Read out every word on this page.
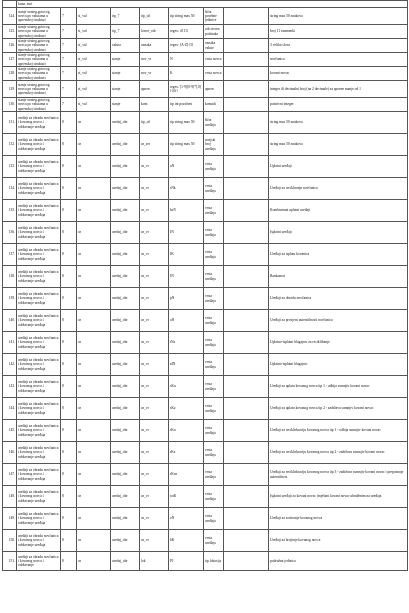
	kuna, euri								
124.	stanje strateg.gotovog novca po valutama u apoenskoj strukturi	7	st_val	tip_7	tip_stf	tip string max 50	šifra posebne jedinice		string max 50 znakova
125.	stanje strateg.gotovog novca po valutama u apoenskoj strukturi	7	st_val	tip_7	lower_oib	regex: d{11}	oib izvora podataka		broj 11 znamenki
126.	stanje strateg.gotovog novca po valutama u apoenskoj strukturi	7	st_val	valuta	oznaka	regex: [A-Z]{3}	oznaka valute		3 velika slova
127.	stanje strateg.gotovog novca po valutama u apoenskoj strukturi	7	st_val	stanje	nov_vr	N	vrsta novca		novčanica
128.	stanje strateg.gotovog novca po valutama u apoenskoj strukturi	7	st_val	stanje	nov_vr	K	vrsta novca		kovani novac
129.	stanje strateg.gotovog novca po valutama u apoenskoj strukturi	7	st_val	stanje	apoen	regex: [1-9][0-9]*[,0]{0,6}	apoen		integer ili decimalni broj (na 2 decimale) za apoene manje od 1
130.	stanje strateg.gotovog novca po valutama u apoenskoj strukturi	7	st_val	stanje	kom	tip int pozitivni	komadi		pozitivni integer
131.	uređaji za obradu novčanica i kovanog novca i održavanje uređaja	8	ur	uredaj_obr	tip_stf	tip string max 50	šifra uređaja		string max 50 znakova
132.	uređaji za obradu novčanica i kovanog novca i održavanje uređaja	8	ur	uredaj_obr	ur_ser	tip string max 50	serijski broj uređaja		string max 50 znakova
133.	uređaji za obradu novčanica i kovanog novca i održavanje uređaja	8	ur	uredaj_obr	ur_vr	aN	vrsta uređaja		Uplatni uređaji
134.	uređaji za obradu novčanica i kovanog novca i održavanje uređaja	8	ur	uredaj_obr	ur_vr	rNk	vrsta uređaja		Uređaji za recikliranje novčanica
135.	uređaji za obradu novčanica i kovanog novca i održavanje uređaja	8	ur	uredaj_obr	ur_vr	bsN	vrsta uređaja		Kombinirani uplatni uređaji
136.	uređaji za obradu novčanica i kovanog novca i održavanje uređaja	8	ur	uredaj_obr	ur_vr	IN	vrsta uređaja		Isplatni uređaji
137.	uređaji za obradu novčanica i kovanog novca i održavanje uređaja	8	ur	uredaj_obr	ur_vr	IK	vrsta uređaja		Uređaji za isplatu kovanica
138.	uređaji za obradu novčanica i kovanog novca i održavanje uređaja	8	ur	uredaj_obr	ur_vr	IN	vrsta uređaja		Bankomat
139.	uređaji za obradu novčanica i kovanog novca i održavanje uređaja	8	ur	uredaj_obr	ur_vr	pN	vrsta uređaja		Uređaji za obradu novčanica
140.	uređaji za obradu novčanica i kovanog novca i održavanje uređaja	8	ur	uredaj_obr	ur_vr	aN	vrsta uređaja		Uređaji za provjeru autentičnosti novčanica
141.	uređaji za obradu novčanica i kovanog novca i održavanje uređaja	8	ur	uredaj_obr	ur_vr	tNz	vrsta uređaja		Uplatno-isplatni blagajnic za reciklilranje
142.	uređaji za obradu novčanica i kovanog novca i održavanje uređaja	8	ur	uredaj_obr	ur_vr	tdN	vrsta uređaja		Uplatno-isplatni blagajnic
143.	uređaji za obradu novčanica i kovanog novca i održavanje uređaja	8	ur	uredaj_obr	ur_vr	sKu	vrsta uređaja		Uređaji za uplatu kovanog novca tip 1 - odbija sumnjiv kovani novac
144.	uređaji za obradu novčanica i kovanog novca i održavanje uređaja	8	ur	uredaj_obr	ur_vr	sKz	vrsta uređaja		Uređaji za uplatu kovanog novca tip 2 - zadržava sumnjiv kovani novac
145.	uređaji za obradu novčanica i kovanog novca i održavanje uređaja	8	ur	uredaj_obr	ur_vr	rKu	vrsta uređaja		Uređaji za reciklirkraciju kovanog novca tip 1 - odbija sumnjiv kovani novac
146.	uređaji za obradu novčanica i kovanog novca i održavanje uređaja	8	ur	uredaj_obr	ur_vr	rKz	vrsta uređaja		Uređaji za reciklirkraciju kovanog novca tip 2 - zadržava sumnjiv kovani novac
147.	uređaji za obradu novčanica i kovanog novca i održavanje uređaja	8	ur	uredaj_obr	ur_vr	rKcn	vrsta uređaja		Uređaji za reciklirkraciju kovanog novca tip 3 - zadržava sumnjiv kovani novac i prepoznaje autentičnost
148.	uređaji za obradu novčanica i kovanog novca i održavanje uređaja	8	ur	uredaj_obr	ur_vr	iotK	vrsta uređaja		Isplatni uređaji za kovani novac (mješani kovani novac ubrađenim na uređaja
149.	uređaji za obradu novčanica i kovanog novca i održavanje uređaja	8	ur	uredaj_obr	ur_vr	oN	vrsta uređaja		Uređaji za sortiranje kovanog novca
150.	uređaji za obradu novčanica i kovanog novca i održavanje uređaja	8	ur	uredaj_obr	ur_vr	bK	vrsta uređaja		Uređaji za brojenje kovanog novca
151.	uređaji za obradu novčanica i kovanog novca i održavanje	8	ur	uredaj_obr	lok	PJ	tip lokacija		podružna jedinica
